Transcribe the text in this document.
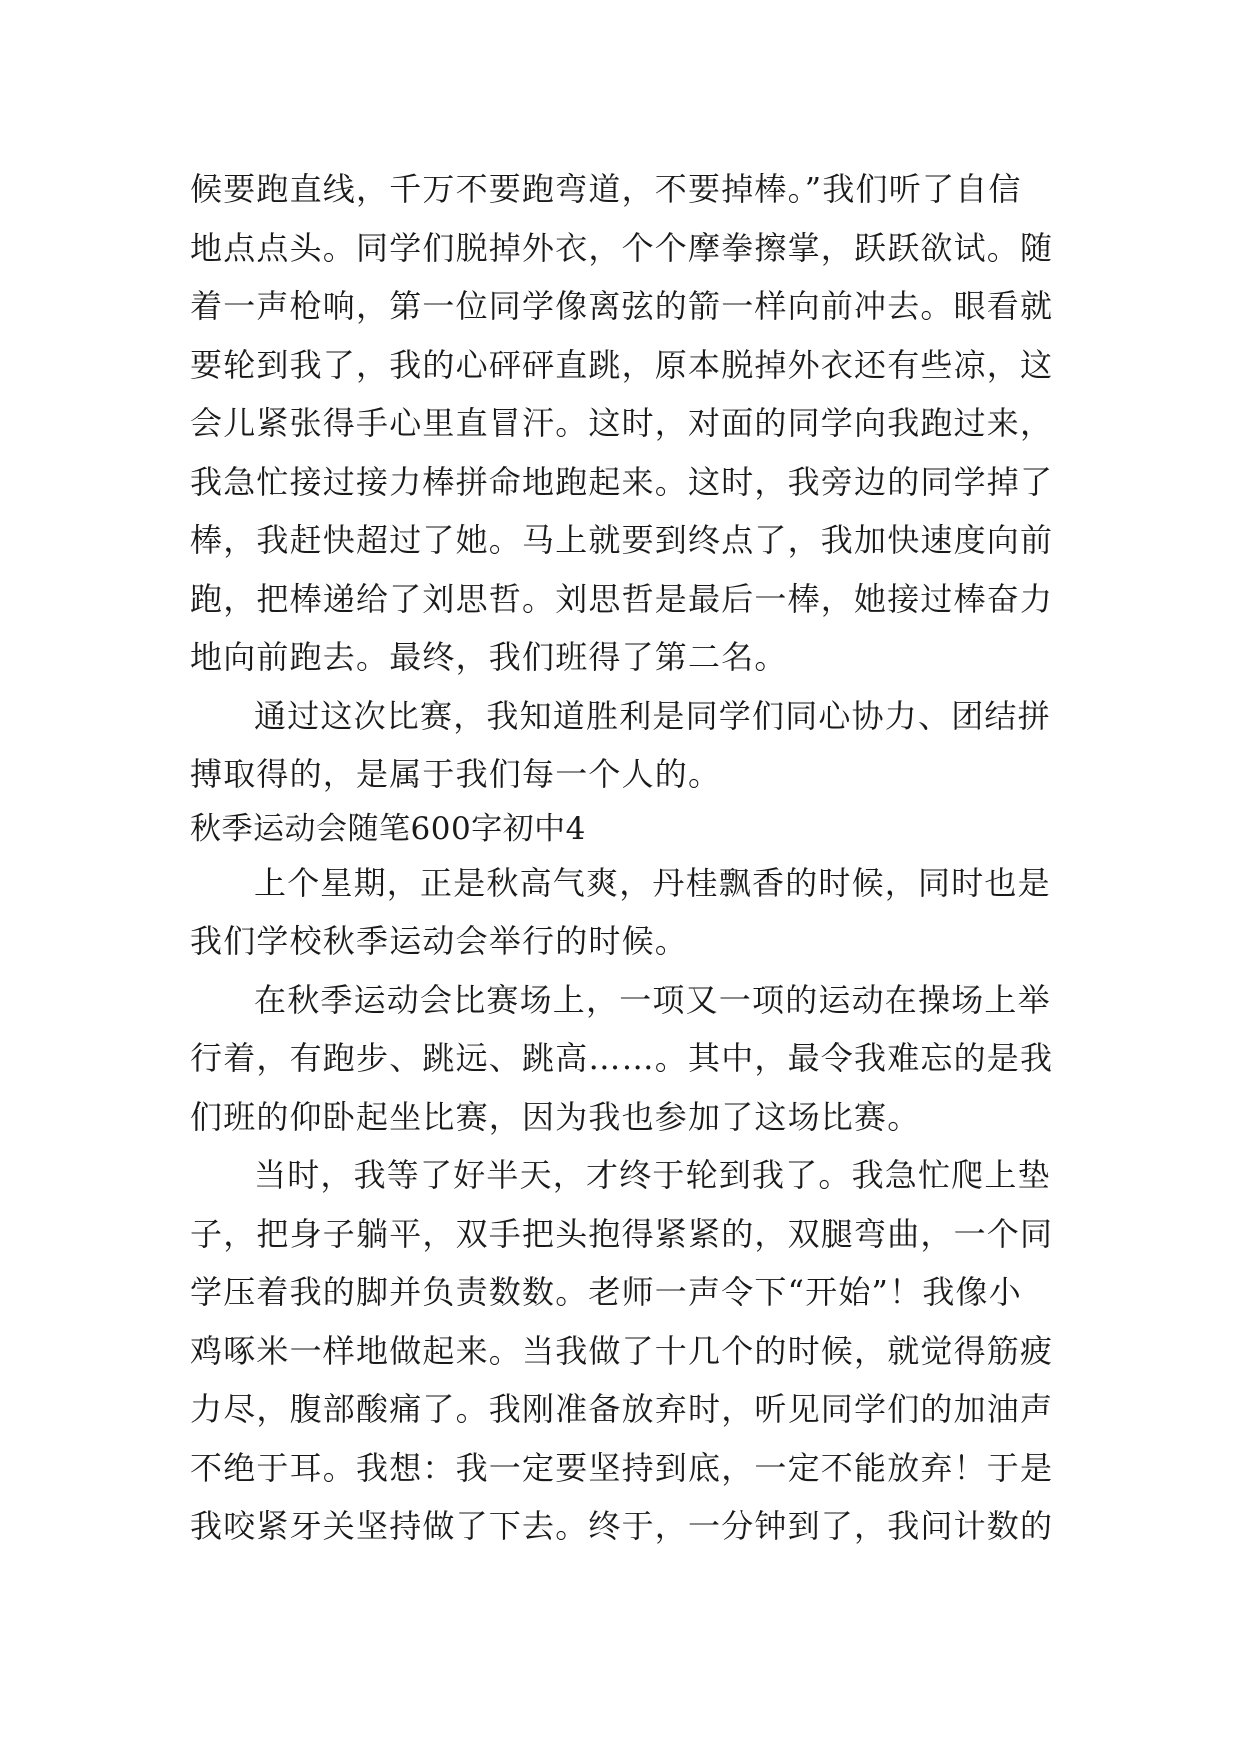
候要跑直线，千万不要跑弯道，不要掉棒。”我们听了自信
地点点头。同学们脱掉外衣，个个摩拳擦掌，跃跃欲试。随
着一声枪响，第一位同学像离弦的箭一样向前冲去。眼看就
要轮到我了，我的心砰砰直跳，原本脱掉外衣还有些凉，这
会儿紧张得手心里直冒汗。这时，对面的同学向我跑过来，
我急忙接过接力棒拼命地跑起来。这时，我旁边的同学掉了
棒，我赶快超过了她。马上就要到终点了，我加快速度向前
跑，把棒递给了刘思哲。刘思哲是最后一棒，她接过棒奋力
地向前跑去。最终，我们班得了第二名。
通过这次比赛，我知道胜利是同学们同心协力、团结拼
搏取得的，是属于我们每一个人的。
秋季运动会随笔600字初中4
上个星期，正是秋高气爽，丹桂飘香的时候，同时也是
我们学校秋季运动会举行的时候。
在秋季运动会比赛场上，一项又一项的运动在操场上举
行着，有跑步、跳远、跳高……。其中，最令我难忘的是我
们班的仰卧起坐比赛，因为我也参加了这场比赛。
当时，我等了好半天，才终于轮到我了。我急忙爬上垫
子，把身子躺平，双手把头抱得紧紧的，双腿弯曲，一个同
学压着我的脚并负责数数。老师一声令下“开始”！我像小
鸡啄米一样地做起来。当我做了十几个的时候，就觉得筋疲
力尽，腹部酸痛了。我刚准备放弃时，听见同学们的加油声
不绝于耳。我想：我一定要坚持到底，一定不能放弃！于是
我咬紧牙关坚持做了下去。终于，一分钟到了，我问计数的
